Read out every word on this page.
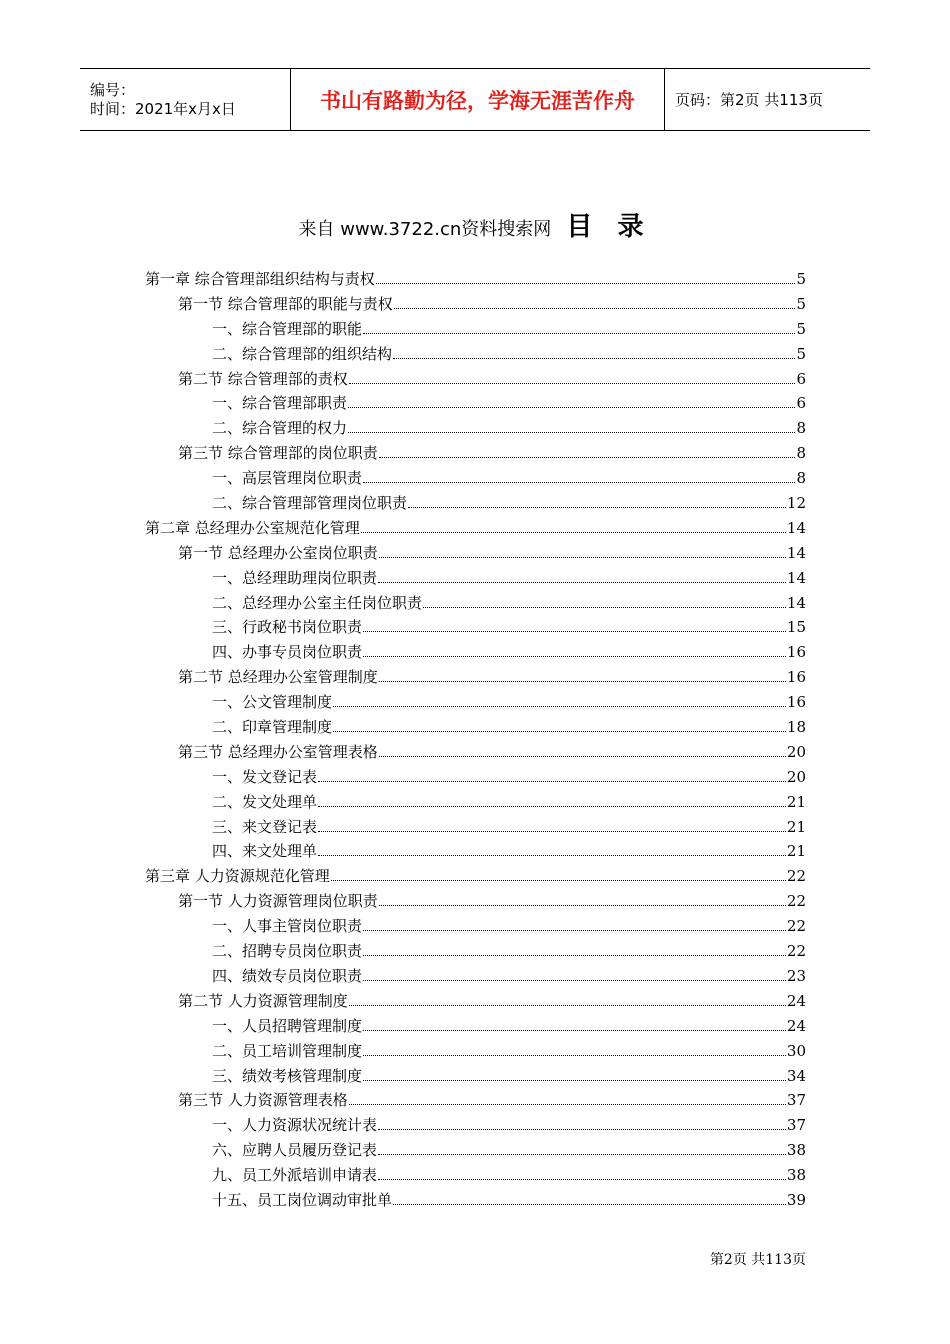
编号：
时间：2021年x月x日	书山有路勤为径，学海无涯苦作舟	页码：第2页 共113页
来自 www.3722.cn资料搜索网 目 录
第一章 综合管理部组织结构与责权	5
第一节 综合管理部的职能与责权	5
一、综合管理部的职能	5
二、综合管理部的组织结构	5
第二节 综合管理部的责权	6
一、综合管理部职责	6
二、综合管理的权力	8
第三节 综合管理部的岗位职责	8
一、高层管理岗位职责	8
二、综合管理部管理岗位职责	12
第二章 总经理办公室规范化管理	14
第一节 总经理办公室岗位职责	14
一、总经理助理岗位职责	14
二、总经理办公室主任岗位职责	14
三、行政秘书岗位职责	15
四、办事专员岗位职责	16
第二节 总经理办公室管理制度	16
一、公文管理制度	16
二、印章管理制度	18
第三节 总经理办公室管理表格	20
一、发文登记表	20
二、发文处理单	21
三、来文登记表	21
四、来文处理单	21
第三章 人力资源规范化管理	22
第一节 人力资源管理岗位职责	22
一、人事主管岗位职责	22
二、招聘专员岗位职责	22
四、绩效专员岗位职责	23
第二节 人力资源管理制度	24
一、人员招聘管理制度	24
二、员工培训管理制度	30
三、绩效考核管理制度	34
第三节 人力资源管理表格	37
一、人力资源状况统计表	37
六、应聘人员履历登记表	38
九、员工外派培训申请表	38
十五、员工岗位调动审批单	39
第2页 共113页
